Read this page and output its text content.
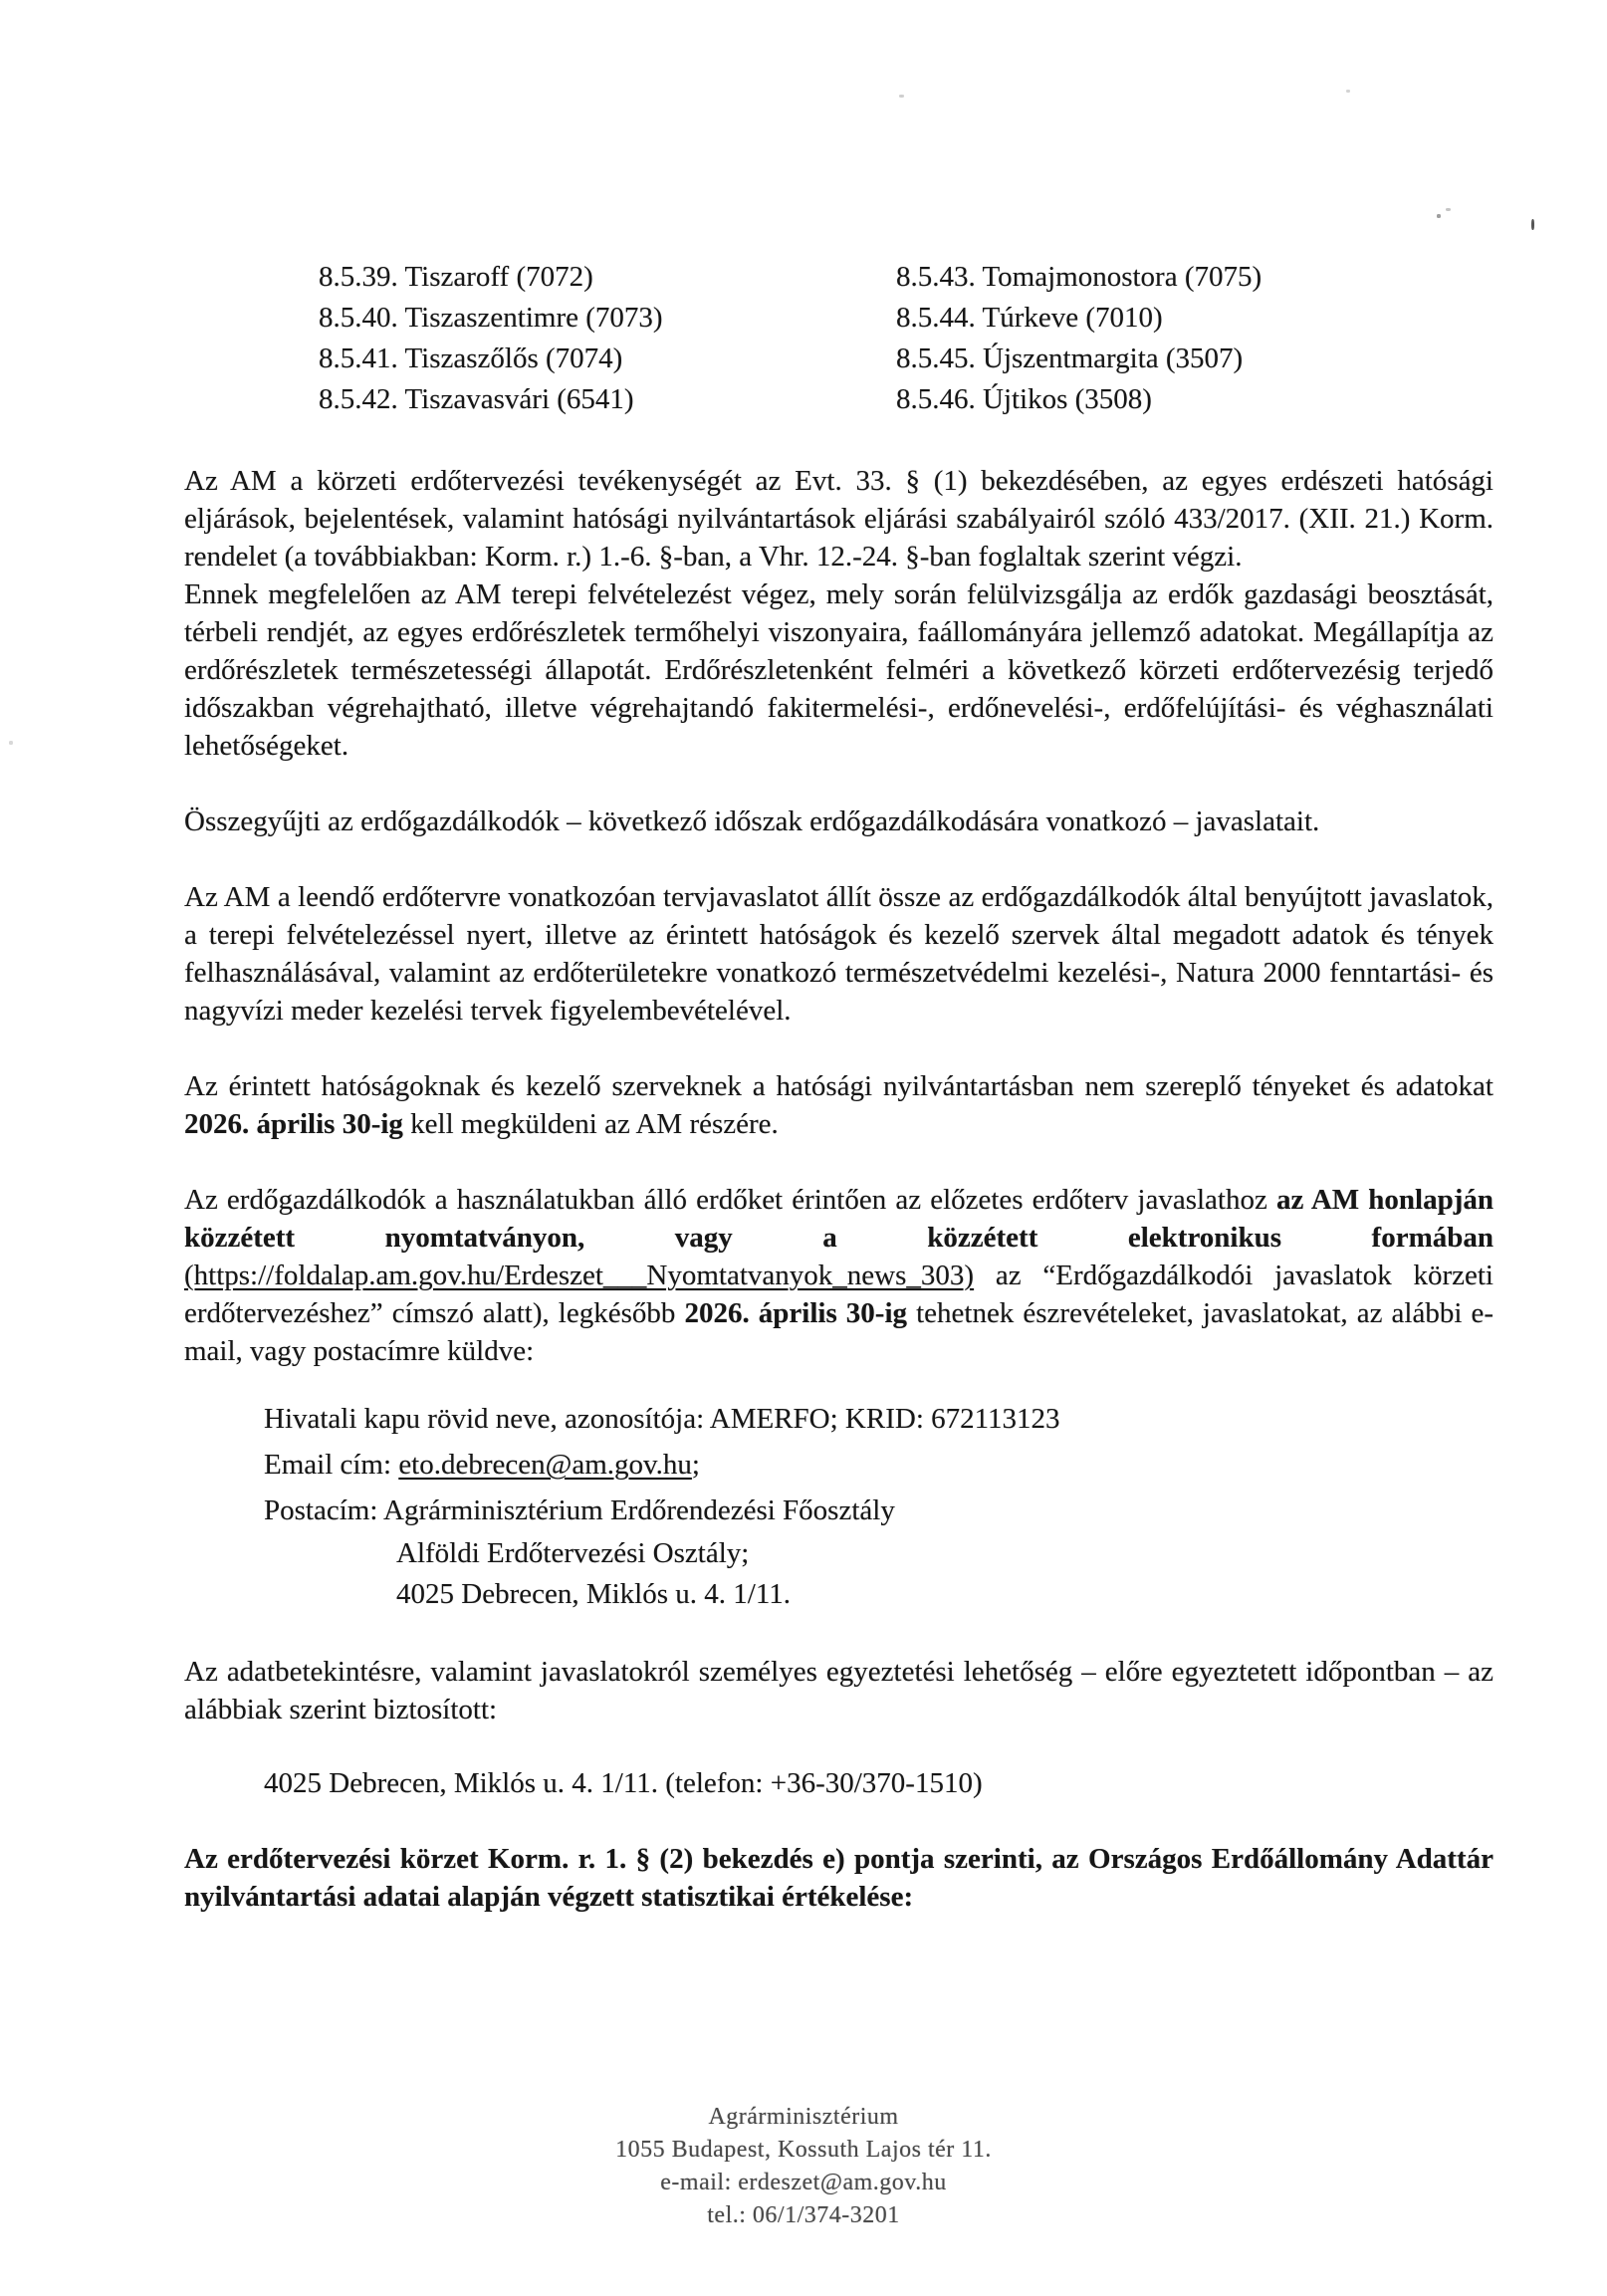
8.5.39. Tiszaroff (7072)
8.5.40. Tiszaszentimre (7073)
8.5.41. Tiszaszőlős (7074)
8.5.42. Tiszavasvári (6541)
8.5.43. Tomajmonostora (7075)
8.5.44. Túrkeve (7010)
8.5.45. Újszentmargita (3507)
8.5.46. Újtikos (3508)

Az AM a körzeti erdőtervezési tevékenységét az Evt. 33. § (1) bekezdésében, az egyes erdészeti hatósági eljárások, bejelentések, valamint hatósági nyilvántartások eljárási szabályairól szóló 433/2017. (XII. 21.) Korm. rendelet (a továbbiakban: Korm. r.) 1.-6. §-ban, a Vhr. 12.-24. §-ban foglaltak szerint végzi.

Ennek megfelelően az AM terepi felvételezést végez, mely során felülvizsgálja az erdők gazdasági beosztását, térbeli rendjét, az egyes erdőrészletek termőhelyi viszonyaira, faállományára jellemző adatokat. Megállapítja az erdőrészletek természetességi állapotát. Erdőrészletenként felméri a következő körzeti erdőtervezésig terjedő időszakban végrehajtható, illetve végrehajtandó fakitermelési-, erdőnevelési-, erdőfelújítási- és véghasználati lehetőségeket.

Összegyűjti az erdőgazdálkodók – következő időszak erdőgazdálkodására vonatkozó – javaslatait.

Az AM a leendő erdőtervre vonatkozóan tervjavaslatot állít össze az erdőgazdálkodók által benyújtott javaslatok, a terepi felvételezéssel nyert, illetve az érintett hatóságok és kezelő szervek által megadott adatok és tények felhasználásával, valamint az erdőterületekre vonatkozó természetvédelmi kezelési-, Natura 2000 fenntartási- és nagyvízi meder kezelési tervek figyelembevételével.

Az érintett hatóságoknak és kezelő szerveknek a hatósági nyilvántartásban nem szereplő tényeket és adatokat 2026. április 30-ig kell megküldeni az AM részére.

Az erdőgazdálkodók a használatukban álló erdőket érintően az előzetes erdőterv javaslathoz az AM honlapján közzétett nyomtatványon, vagy a közzétett elektronikus formában (https://foldalap.am.gov.hu/Erdeszet___Nyomtatvanyok_news_303) az “Erdőgazdálkodói javaslatok körzeti erdőtervezéshez” címszó alatt), legkésőbb 2026. április 30-ig tehetnek észrevételeket, javaslatokat, az alábbi e-mail, vagy postacímre küldve:

Hivatali kapu rövid neve, azonosítója: AMERFO; KRID: 672113123
Email cím: eto.debrecen@am.gov.hu;
Postacím: Agrárminisztérium Erdőrendezési Főosztály
Alföldi Erdőtervezési Osztály;
4025 Debrecen, Miklós u. 4. 1/11.

Az adatbetekintésre, valamint javaslatokról személyes egyeztetési lehetőség – előre egyeztetett időpontban – az alábbiak szerint biztosított:

4025 Debrecen, Miklós u. 4. 1/11. (telefon: +36-30/370-1510)

Az erdőtervezési körzet Korm. r. 1. § (2) bekezdés e) pontja szerinti, az Országos Erdőállomány Adattár nyilvántartási adatai alapján végzett statisztikai értékelése:

Agrárminisztérium
1055 Budapest, Kossuth Lajos tér 11.
e-mail: erdeszet@am.gov.hu
tel.: 06/1/374-3201
